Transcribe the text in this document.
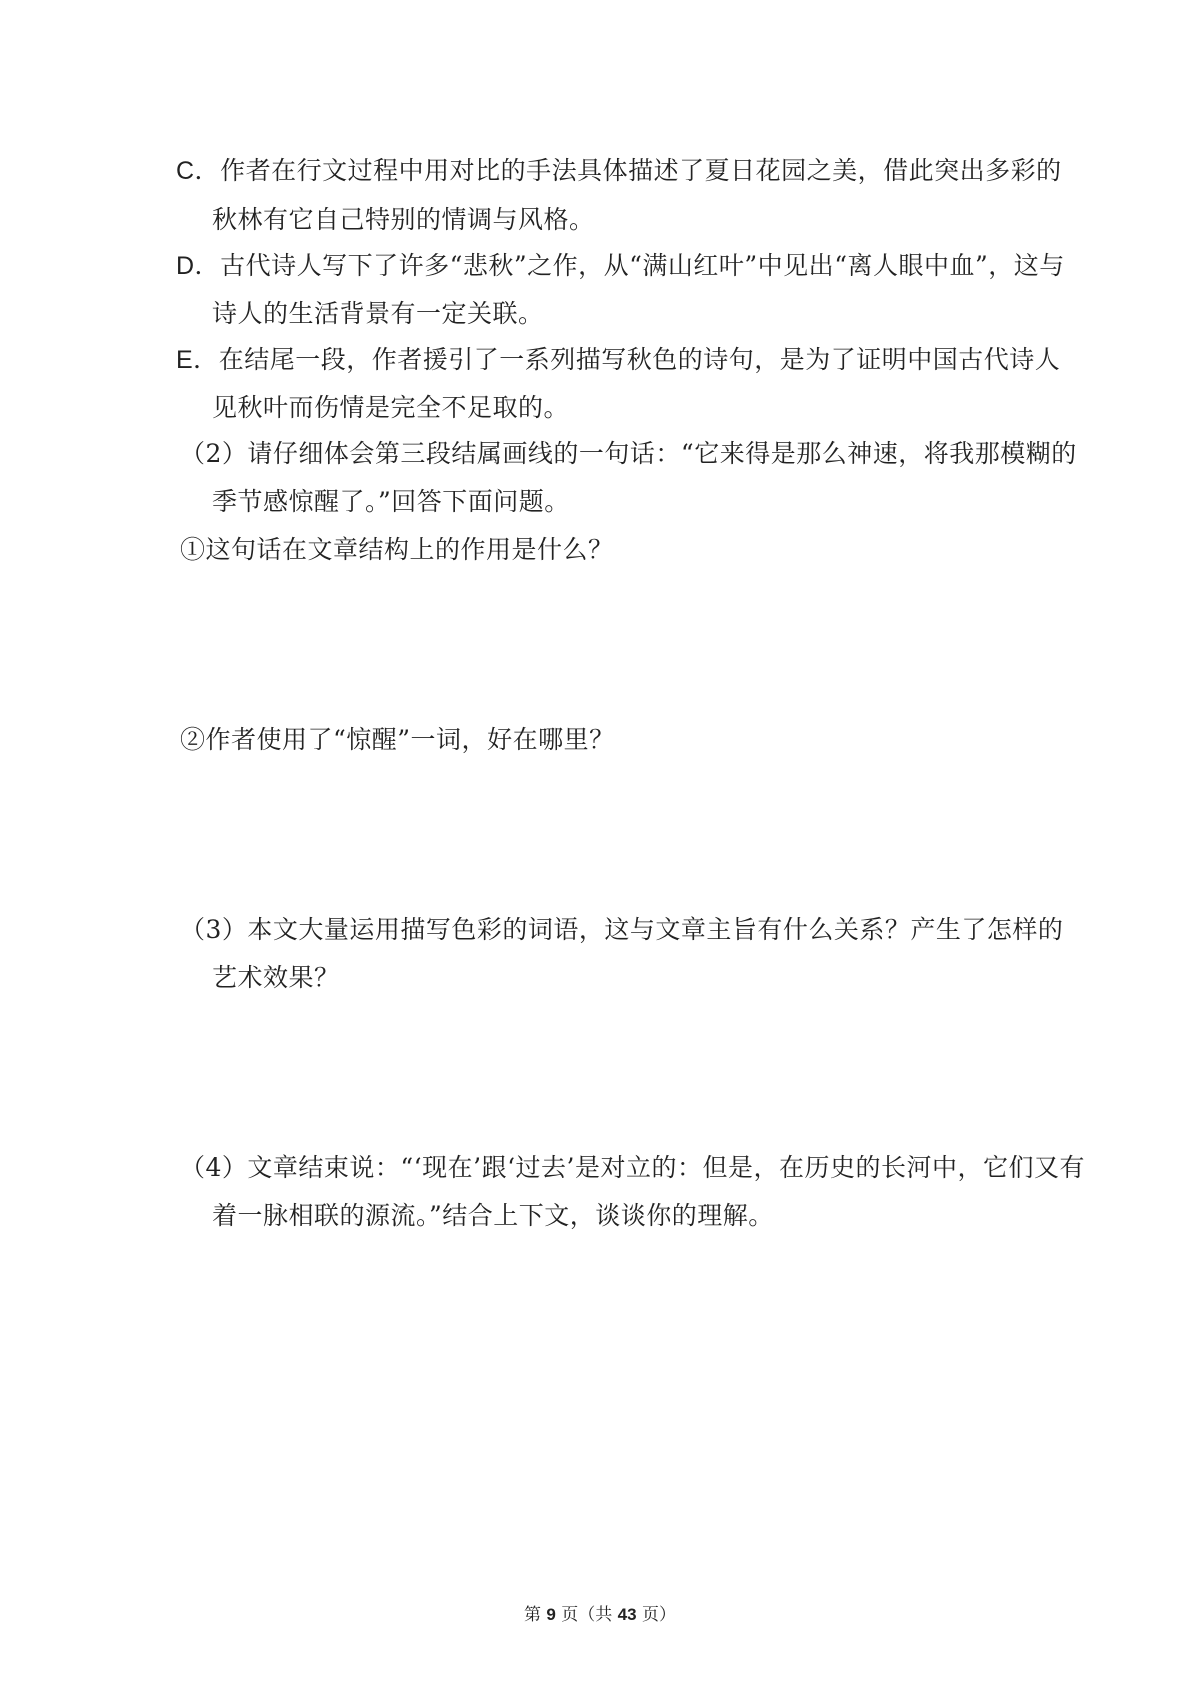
C．作者在行文过程中用对比的手法具体描述了夏日花园之美，借此突出多彩的
秋林有它自己特别的情调与风格。
D．古代诗人写下了许多“悲秋”之作，从“满山红叶”中见出“离人眼中血”，这与
诗人的生活背景有一定关联。
E．在结尾一段，作者援引了一系列描写秋色的诗句，是为了证明中国古代诗人
见秋叶而伤情是完全不足取的。
（2）请仔细体会第三段结属画线的一句话：“它来得是那么神速，将我那模糊的
季节感惊醒了。”回答下面问题。
①这句话在文章结构上的作用是什么？
②作者使用了“惊醒”一词，好在哪里？
（3）本文大量运用描写色彩的词语，这与文章主旨有什么关系？产生了怎样的
艺术效果？
（4）文章结束说：“‘现在’跟‘过去’是对立的：但是，在历史的长河中，它们又有
着一脉相联的源流。”结合上下文，谈谈你的理解。
第 9 页（共 43 页）
